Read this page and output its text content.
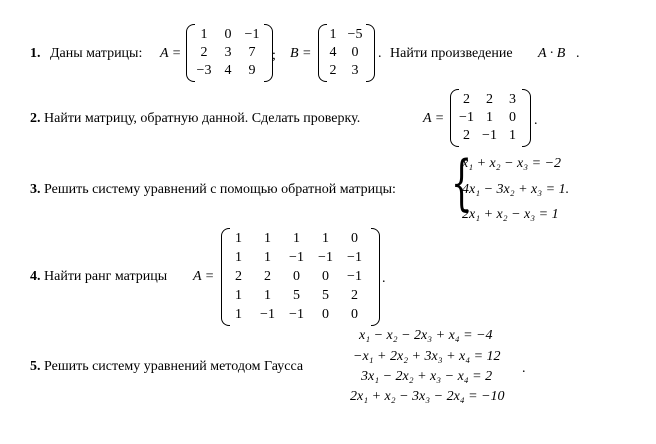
1. Даны матрицы: A =
1	0 −1
2	3	7
−3 4	9
; B =
1 −5
4	0
2	3
. Найти произведение A · B .
2. Найти матрицу, обратную данной. Сделать проверку.	A =
2	2	3
−1 1	0
2 −1 1
.
3. Решить систему уравнений с помощью обратной матрицы: {
x₁ + x₂ − x₃ = −2
4x₁ − 3x₂ + x₃ = 1.
2x₁ + x₂ − x₃ = 1
4. Найти ранг матрицы A =
1	1	1	1	0
1	1	−1	−1	−1
2	2	0	0	−1
1	1	5	5	2
1	−1	−1	0	0
.
5. Решить систему уравнений методом Гаусса
x₁ − x₂ − 2x₃ + x₄ = −4
−x₁ + 2x₂ + 3x₃ + x₄ = 12
3x₁ − 2x₂ + x₃ − x₄ = 2
2x₁ + x₂ − 3x₃ − 2x₄ = −10
.
